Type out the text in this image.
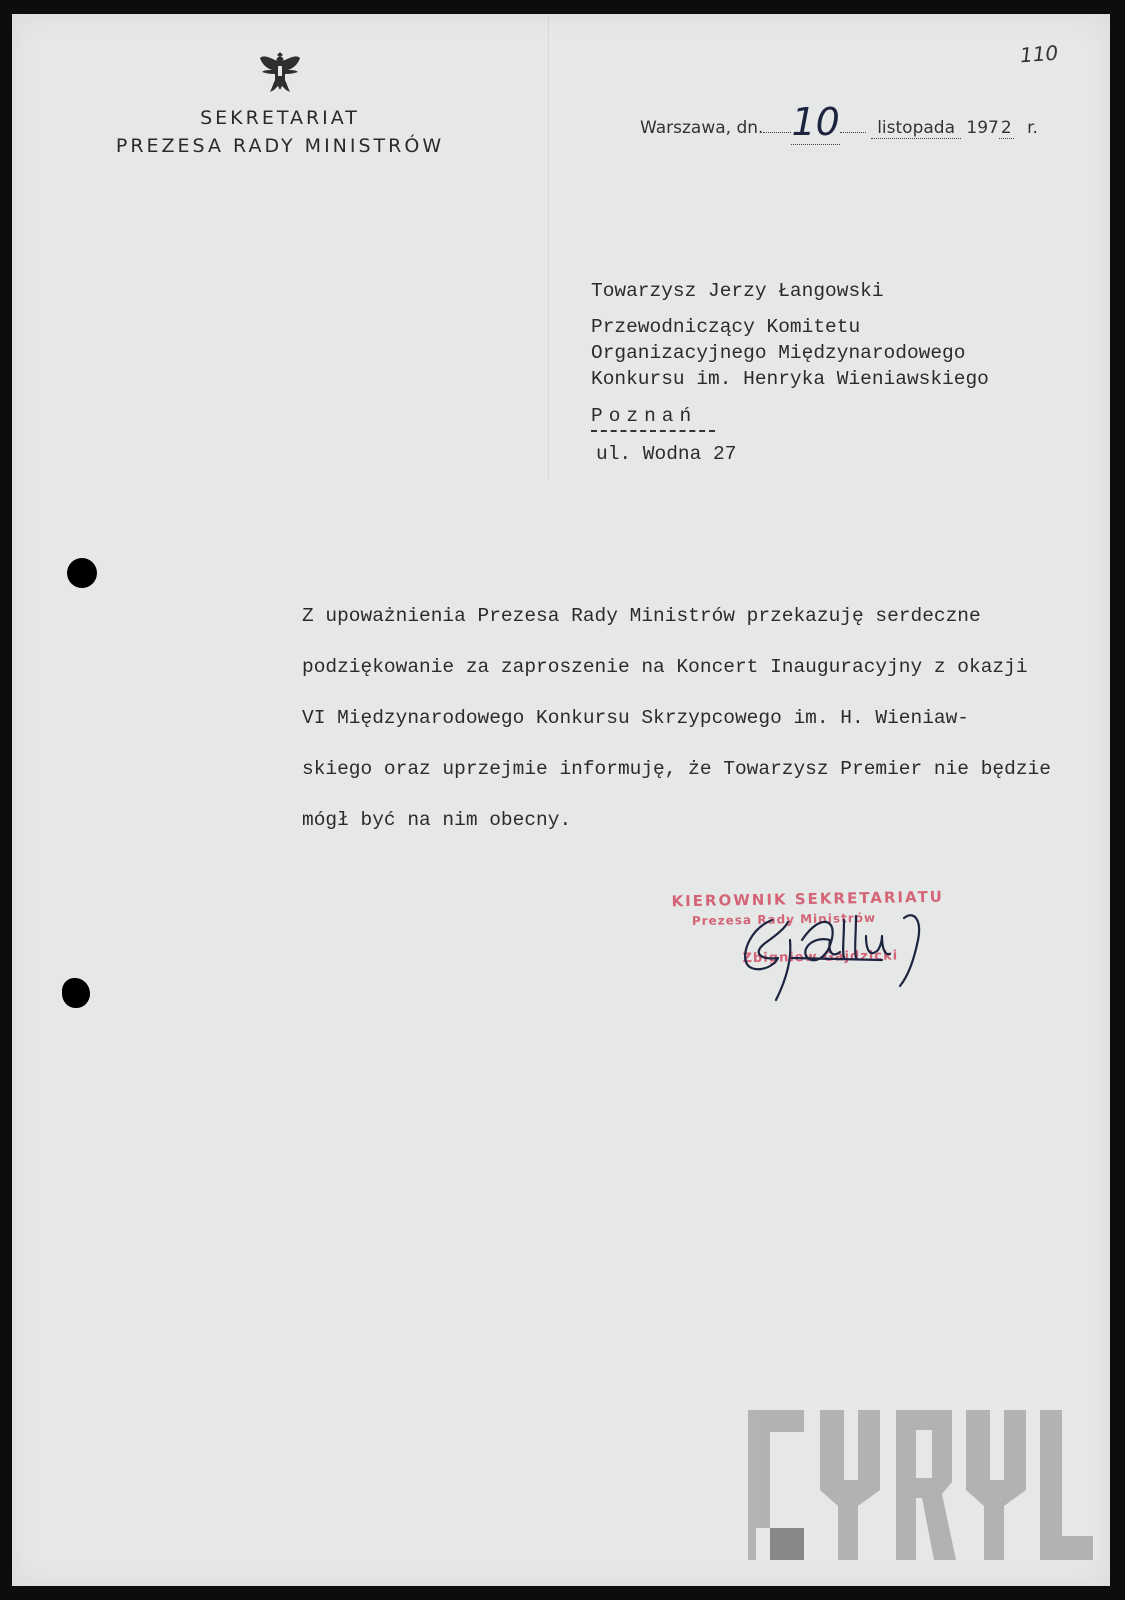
110
SEKRETARIAT
PREZESA RADY MINISTRÓW
Warszawa, dn. 10 listopada 197 2 r.
Towarzysz Jerzy Łangowski
Przewodniczący Komitetu
Organizacyjnego Międzynarodowego
Konkursu im. Henryka Wieniawskiego
Poznań
ul. Wodna 27
Z upoważnienia Prezesa Rady Ministrów przekazuję serdeczne
podziękowanie za zaproszenie na Koncert Inauguracyjny z okazji
VI Międzynarodowego Konkursu Skrzypcowego im. H. Wieniaw-
skiego oraz uprzejmie informuję, że Towarzysz Premier nie będzie
mógł być na nim obecny.
KIEROWNIK SEKRETARIATU
Prezesa Rady Ministrów
Zbigniew Gajdzicki
CYRYL
